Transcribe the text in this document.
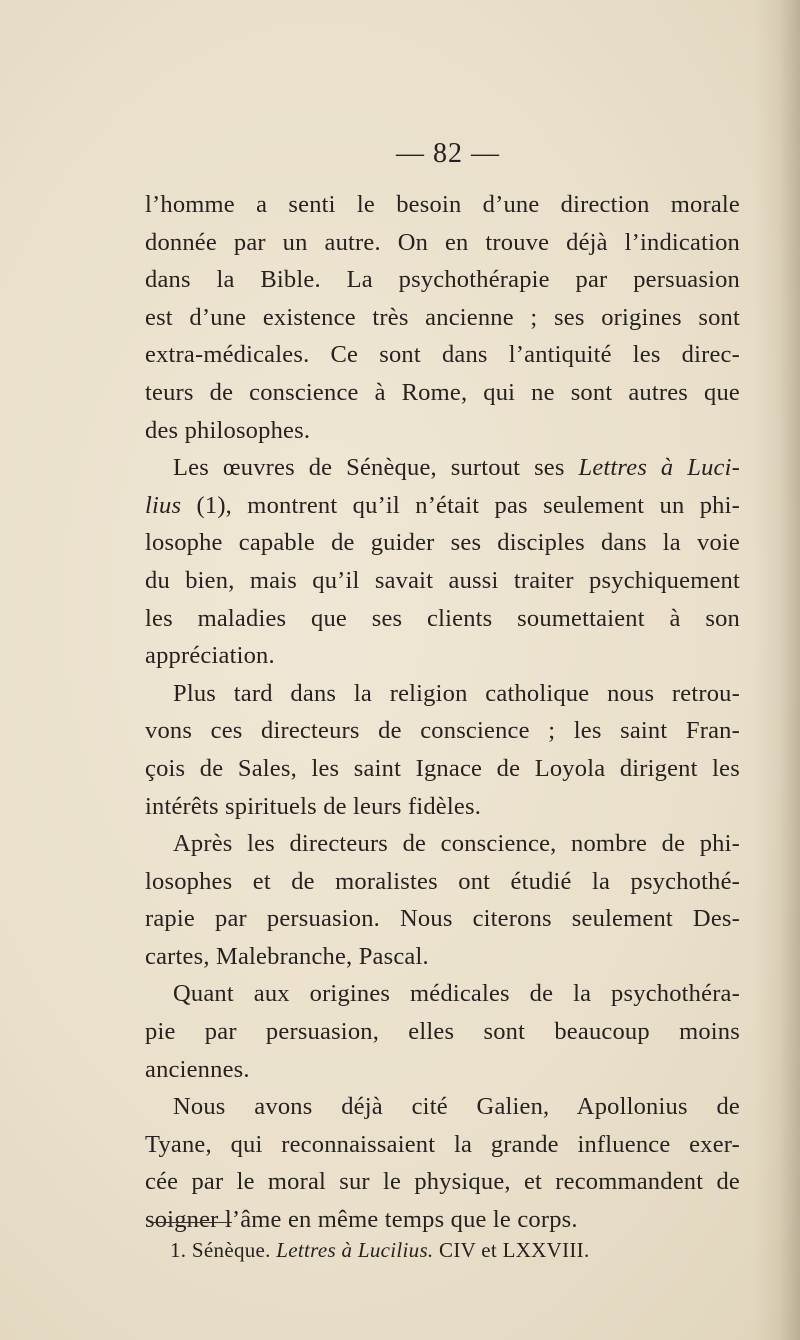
— 82 —
l’homme a senti le besoin d’une direction morale
donnée par un autre. On en trouve déjà l’indication
dans la Bible. La psychothérapie par persuasion
est d’une existence très ancienne ; ses origines sont
extra-médicales. Ce sont dans l’antiquité les direc-
teurs de conscience à Rome, qui ne sont autres que
des philosophes.
Les œuvres de Sénèque, surtout ses Lettres à Luci-
lius (1), montrent qu’il n’était pas seulement un phi-
losophe capable de guider ses disciples dans la voie
du bien, mais qu’il savait aussi traiter psychiquement
les maladies que ses clients soumettaient à son
appréciation.
Plus tard dans la religion catholique nous retrou-
vons ces directeurs de conscience ; les saint Fran-
çois de Sales, les saint Ignace de Loyola dirigent les
intérêts spirituels de leurs fidèles.
Après les directeurs de conscience, nombre de phi-
losophes et de moralistes ont étudié la psychothé-
rapie par persuasion. Nous citerons seulement Des-
cartes, Malebranche, Pascal.
Quant aux origines médicales de la psychothéra-
pie par persuasion, elles sont beaucoup moins
anciennes.
Nous avons déjà cité Galien, Apollonius de
Tyane, qui reconnaissaient la grande influence exer-
cée par le moral sur le physique, et recommandent de
soigner l’âme en même temps que le corps.
1. Sénèque. Lettres à Lucilius. CIV et LXXVIII.
